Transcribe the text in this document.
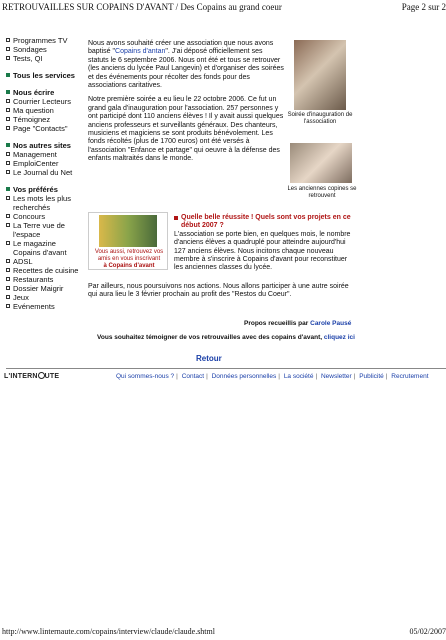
RETROUVAILLES SUR COPAINS D'AVANT / Des Copains au grand coeur	Page 2 sur 2
Programmes TV
Sondages
Tests, QI
Tous les services
Nous écrire
Courrier Lecteurs
Ma question
Témoignez
Page "Contacts"
Nos autres sites
Management
EmploiCenter
Le Journal du Net
Vos préférés
Les mots les plus recherchés
Concours
La Terre vue de l'espace
Le magazine Copains d'avant
ADSL
Recettes de cuisine
Restaurants
Dossier Maigrir
Jeux
Evénements

Nous avons souhaité créer une association que nous avons baptisé "Copains d'antan". J'ai déposé officiellement ses statuts le 6 septembre 2006. Nous ont été et tous se retrouver (les anciens du lycée Paul Langevin) et d'organiser des soirées et des événements pour récolter des fonds pour des associations caritatives.

Notre première soirée a eu lieu le 22 octobre 2006. Ce fut un grand gala d'inauguration pour l'association. 257 personnes y ont participé dont 110 anciens élèves ! Il y avait aussi quelques anciens professeurs et surveillants généraux. Des chanteurs, musiciens et magiciens se sont produits bénévolement. Les fonds récoltés (plus de 1700 euros) ont été versés à l'association "Enfance et partage" qui oeuvre à la défense des enfants maltraités dans le monde.

Soirée d'inauguration de l'association
Les anciennes copines se retrouvent
Vous aussi, retrouvez vos amis en vous inscrivant
à Copains d'avant
Quelle belle réussite ! Quels sont vos projets en ce début 2007 ?
L'association se porte bien, en quelques mois, le nombre d'anciens élèves a quadruplé pour atteindre aujourd'hui 127 anciens élèves. Nous incitons chaque nouveau membre à s'inscrire à Copains d'avant pour reconstituer les anciennes classes du lycée.
Par ailleurs, nous poursuivons nos actions. Nous allons participer à une autre soirée qui aura lieu le 3 février prochain au profit des "Restos du Coeur".
Propos recueillis par Carole Pausé
Vous souhaitez témoigner de vos retrouvailles avec des copains d'avant, cliquez ici
Retour
L'INTERN UTE	Qui sommes-nous ? | Contact | Données personnelles | La société | Newsletter | Publicité | Recrutement
http://www.linternaute.com/copains/interview/claude/claude.shtml	05/02/2007
